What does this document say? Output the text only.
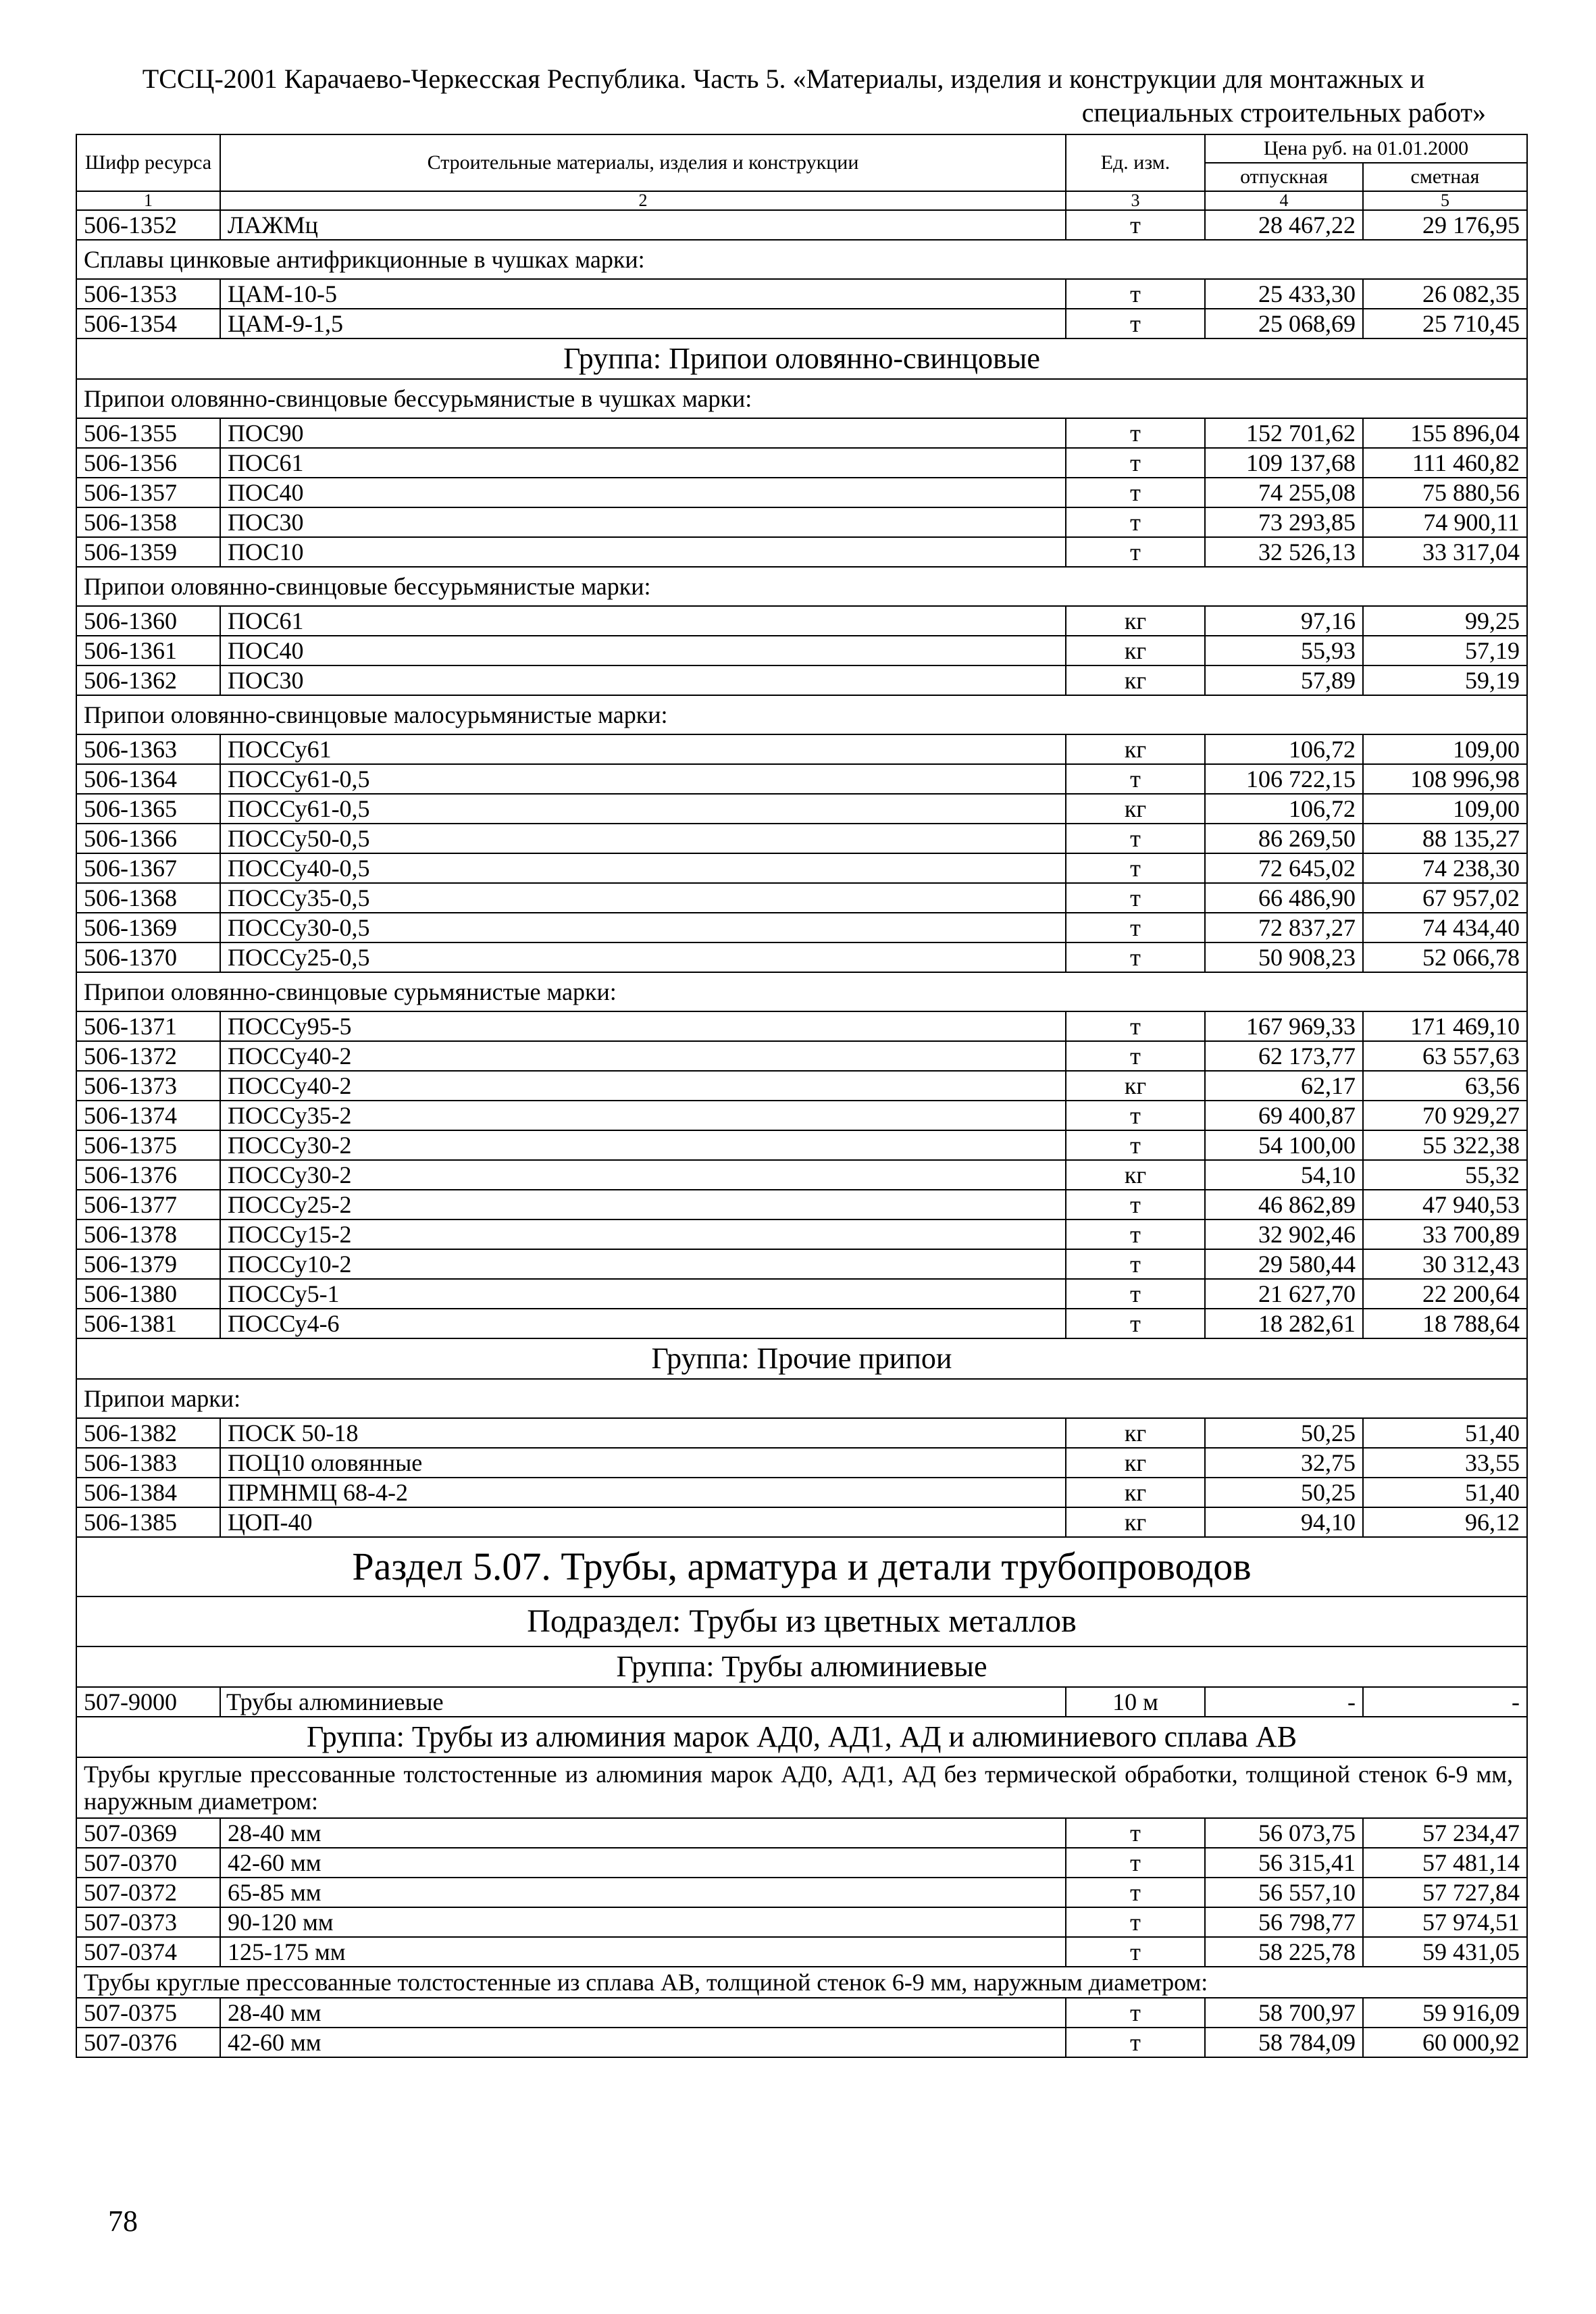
ТССЦ-2001 Карачаево-Черкесская Республика. Часть 5. «Материалы, изделия и конструкции для монтажных и
специальных строительных работ»
Шифр ресурса	Строительные материалы, изделия и конструкции	Ед. изм.	Цена руб. на 01.01.2000	
			отпускная	сметная
1	2	3	4	5
506-1352	ЛАЖМц	т	28 467,22	29 176,95
Сплавы цинковые антифрикционные в чушках марки:				
506-1353	ЦАМ-10-5	т	25 433,30	26 082,35
506-1354	ЦАМ-9-1,5	т	25 068,69	25 710,45
Группа: Припои оловянно-свинцовые				
Припои оловянно-свинцовые бессурьмянистые в чушках марки:				
506-1355	ПОС90	т	152 701,62	155 896,04
506-1356	ПОС61	т	109 137,68	111 460,82
506-1357	ПОС40	т	74 255,08	75 880,56
506-1358	ПОС30	т	73 293,85	74 900,11
506-1359	ПОС10	т	32 526,13	33 317,04
Припои оловянно-свинцовые бессурьмянистые марки:				
506-1360	ПОС61	кг	97,16	99,25
506-1361	ПОС40	кг	55,93	57,19
506-1362	ПОС30	кг	57,89	59,19
Припои оловянно-свинцовые малосурьмянистые марки:				
506-1363	ПОССу61	кг	106,72	109,00
506-1364	ПОССу61-0,5	т	106 722,15	108 996,98
506-1365	ПОССу61-0,5	кг	106,72	109,00
506-1366	ПОССу50-0,5	т	86 269,50	88 135,27
506-1367	ПОССу40-0,5	т	72 645,02	74 238,30
506-1368	ПОССу35-0,5	т	66 486,90	67 957,02
506-1369	ПОССу30-0,5	т	72 837,27	74 434,40
506-1370	ПОССу25-0,5	т	50 908,23	52 066,78
Припои оловянно-свинцовые сурьмянистые марки:				
506-1371	ПОССу95-5	т	167 969,33	171 469,10
506-1372	ПОССу40-2	т	62 173,77	63 557,63
506-1373	ПОССу40-2	кг	62,17	63,56
506-1374	ПОССу35-2	т	69 400,87	70 929,27
506-1375	ПОССу30-2	т	54 100,00	55 322,38
506-1376	ПОССу30-2	кг	54,10	55,32
506-1377	ПОССу25-2	т	46 862,89	47 940,53
506-1378	ПОССу15-2	т	32 902,46	33 700,89
506-1379	ПОССу10-2	т	29 580,44	30 312,43
506-1380	ПОССу5-1	т	21 627,70	22 200,64
506-1381	ПОССу4-6	т	18 282,61	18 788,64
Группа: Прочие припои				
Припои марки:				
506-1382	ПОСК 50-18	кг	50,25	51,40
506-1383	ПОЦ10 оловянные	кг	32,75	33,55
506-1384	ПРМНМЦ 68-4-2	кг	50,25	51,40
506-1385	ЦОП-40	кг	94,10	96,12
Раздел 5.07. Трубы, арматура и детали трубопроводов				
Подраздел: Трубы из цветных металлов				
Группа: Трубы алюминиевые				
507-9000	Трубы алюминиевые	10 м	-	-
Группа: Трубы из алюминия марок АД0, АД1, АД и алюминиевого сплава АВ				
Трубы круглые прессованные толстостенные из алюминия марок АД0, АД1, АД без термической обработки, толщиной стенок 6-9 мм, наружным диаметром:				
507-0369	28-40 мм	т	56 073,75	57 234,47
507-0370	42-60 мм	т	56 315,41	57 481,14
507-0372	65-85 мм	т	56 557,10	57 727,84
507-0373	90-120 мм	т	56 798,77	57 974,51
507-0374	125-175 мм	т	58 225,78	59 431,05
Трубы круглые прессованные толстостенные из сплава АВ, толщиной стенок 6-9 мм, наружным диаметром:				
507-0375	28-40 мм	т	58 700,97	59 916,09
507-0376	42-60 мм	т	58 784,09	60 000,92
78
